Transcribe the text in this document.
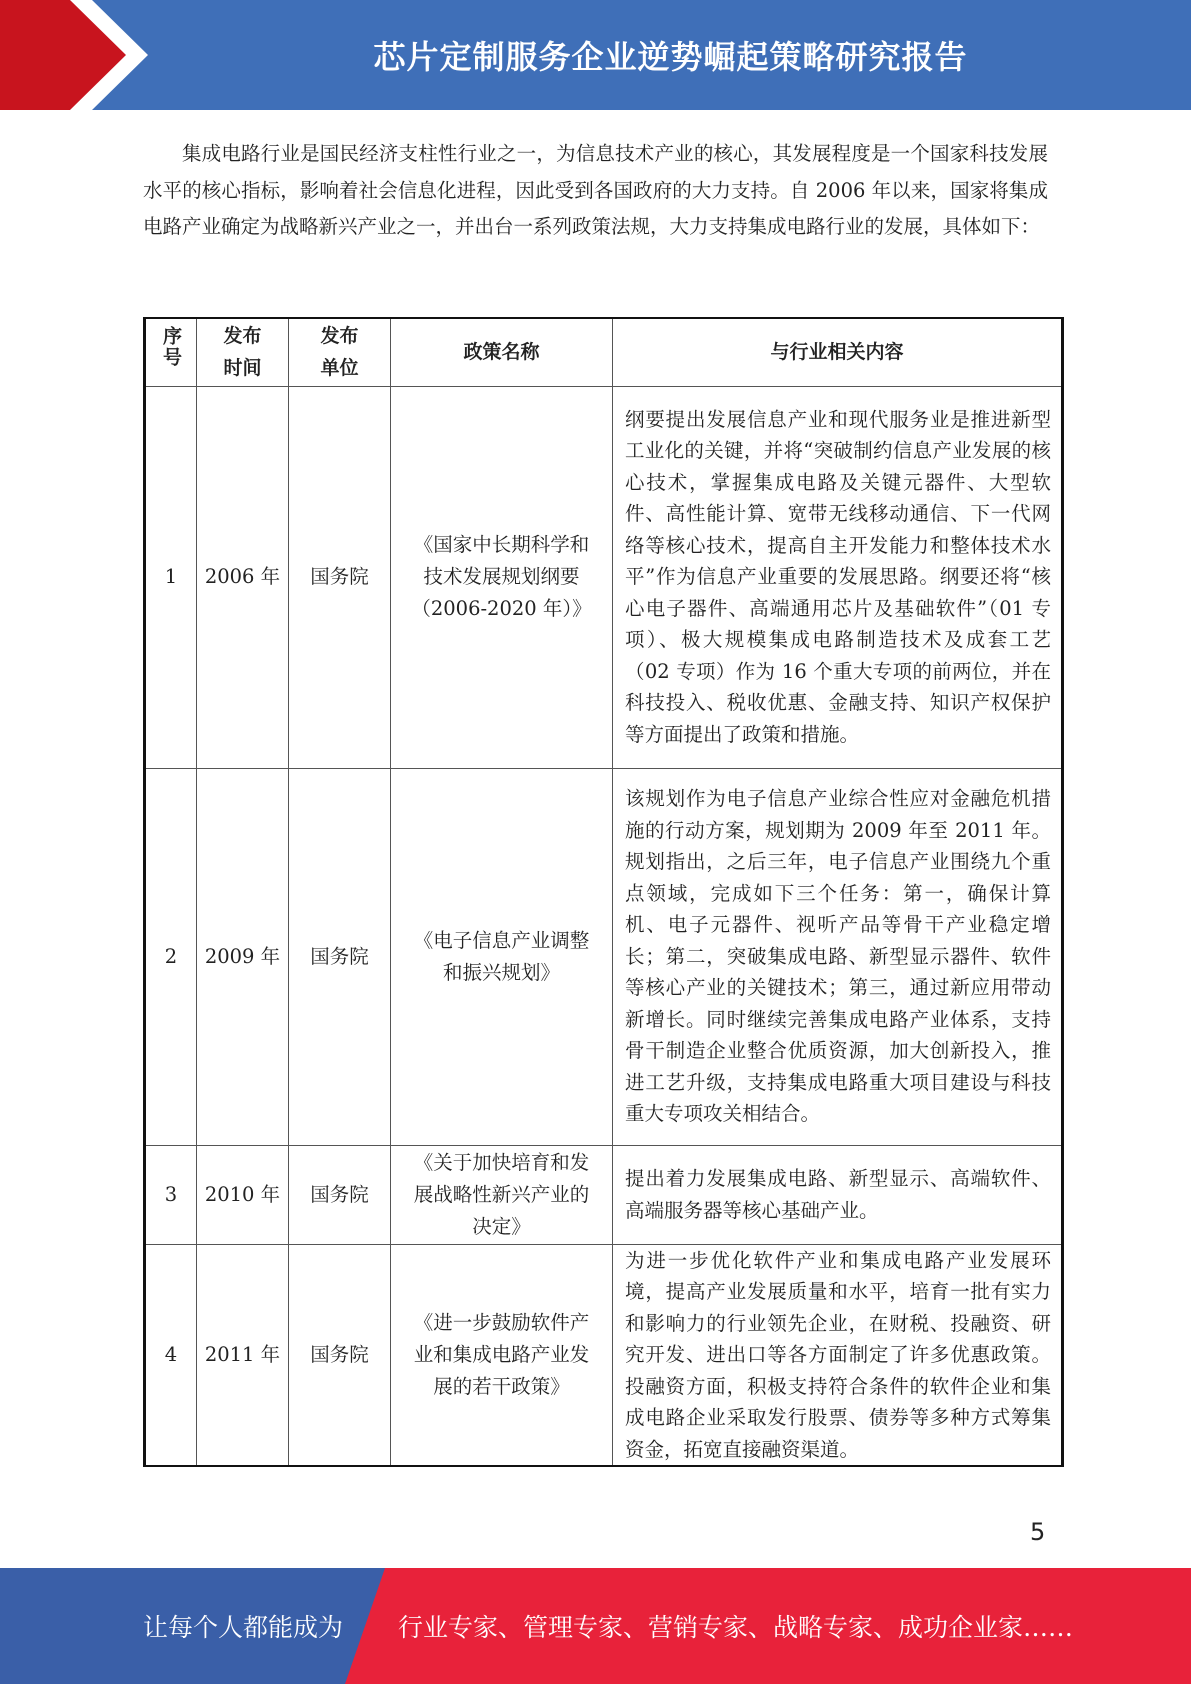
芯片定制服务企业逆势崛起策略研究报告

集成电路行业是国民经济支柱性行业之一，为信息技术产业的核心，其发展程度是一个国家科技发展水平的核心指标，影响着社会信息化进程，因此受到各国政府的大力支持。自 2006 年以来，国家将集成电路产业确定为战略新兴产业之一，并出台一系列政策法规，大力支持集成电路行业的发展，具体如下：

序号	发布时间	发布单位	政策名称	与行业相关内容
1	2006 年	国务院	《国家中长期科学和技术发展规划纲要（2006-2020 年）》	纲要提出发展信息产业和现代服务业是推进新型工业化的关键，并将“突破制约信息产业发展的核心技术，掌握集成电路及关键元器件、大型软件、高性能计算、宽带无线移动通信、下一代网络等核心技术，提高自主开发能力和整体技术水平”作为信息产业重要的发展思路。纲要还将“核心电子器件、高端通用芯片及基础软件”（01 专项）、极大规模集成电路制造技术及成套工艺 （02 专项）作为 16 个重大专项的前两位，并在科技投入、税收优惠、金融支持、知识产权保护等方面提出了政策和措施。
2	2009 年	国务院	《电子信息产业调整和振兴规划》	该规划作为电子信息产业综合性应对金融危机措施的行动方案，规划期为 2009 年至 2011 年。规划指出，之后三年，电子信息产业围绕九个重点领域，完成如下三个任务：第一，确保计算机、电子元器件、视听产品等骨干产业稳定增长；第二，突破集成电路、新型显示器件、软件等核心产业的关键技术；第三，通过新应用带动新增长。同时继续完善集成电路产业体系，支持骨干制造企业整合优质资源，加大创新投入，推进工艺升级，支持集成电路重大项目建设与科技重大专项攻关相结合。
3	2010 年	国务院	《关于加快培育和发展战略性新兴产业的决定》	提出着力发展集成电路、新型显示、高端软件、高端服务器等核心基础产业。
4	2011 年	国务院	《进一步鼓励软件产业和集成电路产业发展的若干政策》	为进一步优化软件产业和集成电路产业发展环境，提高产业发展质量和水平，培育一批有实力和影响力的行业领先企业，在财税、投融资、研究开发、进出口等各方面制定了许多优惠政策。投融资方面，积极支持符合条件的软件企业和集成电路企业采取发行股票、债券等多种方式筹集资金，拓宽直接融资渠道。
5
让每个人都能成为 行业专家、管理专家、营销专家、战略专家、成功企业家……
